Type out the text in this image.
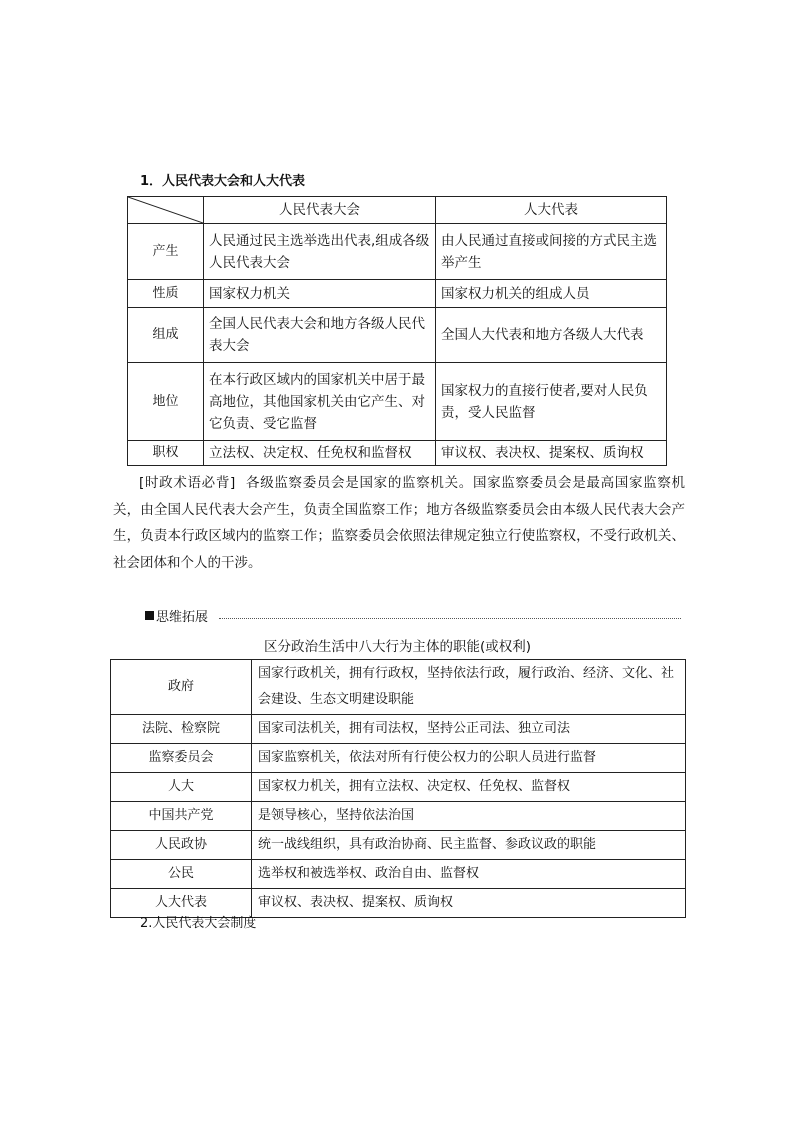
1．人民代表大会和人大代表
	人民代表大会	人大代表
产生	人民通过民主选举选出代表,组成各级人民代表大会	由人民通过直接或间接的方式民主选举产生
性质	国家权力机关	国家权力机关的组成人员
组成	全国人民代表大会和地方各级人民代表大会	全国人大代表和地方各级人大代表
地位	在本行政区域内的国家机关中居于最高地位，其他国家机关由它产生、对它负责、受它监督	国家权力的直接行使者,要对人民负责，受人民监督
职权	立法权、决定权、任免权和监督权	审议权、表决权、提案权、质询权
[时政术语必背] 各级监察委员会是国家的监察机关。国家监察委员会是最高国家监察机关，由全国人民代表大会产生，负责全国监察工作；地方各级监察委员会由本级人民代表大会产生，负责本行政区域内的监察工作；监察委员会依照法律规定独立行使监察权，不受行政机关、社会团体和个人的干涉。
思维拓展
区分政治生活中八大行为主体的职能(或权利)
政府	国家行政机关，拥有行政权，坚持依法行政，履行政治、经济、文化、社会建设、生态文明建设职能
法院、检察院	国家司法机关，拥有司法权，坚持公正司法、独立司法
监察委员会	国家监察机关，依法对所有行使公权力的公职人员进行监督
人大	国家权力机关，拥有立法权、决定权、任免权、监督权
中国共产党	是领导核心，坚持依法治国
人民政协	统一战线组织，具有政治协商、民主监督、参政议政的职能
公民	选举权和被选举权、政治自由、监督权
人大代表	审议权、表决权、提案权、质询权
2.人民代表大会制度
